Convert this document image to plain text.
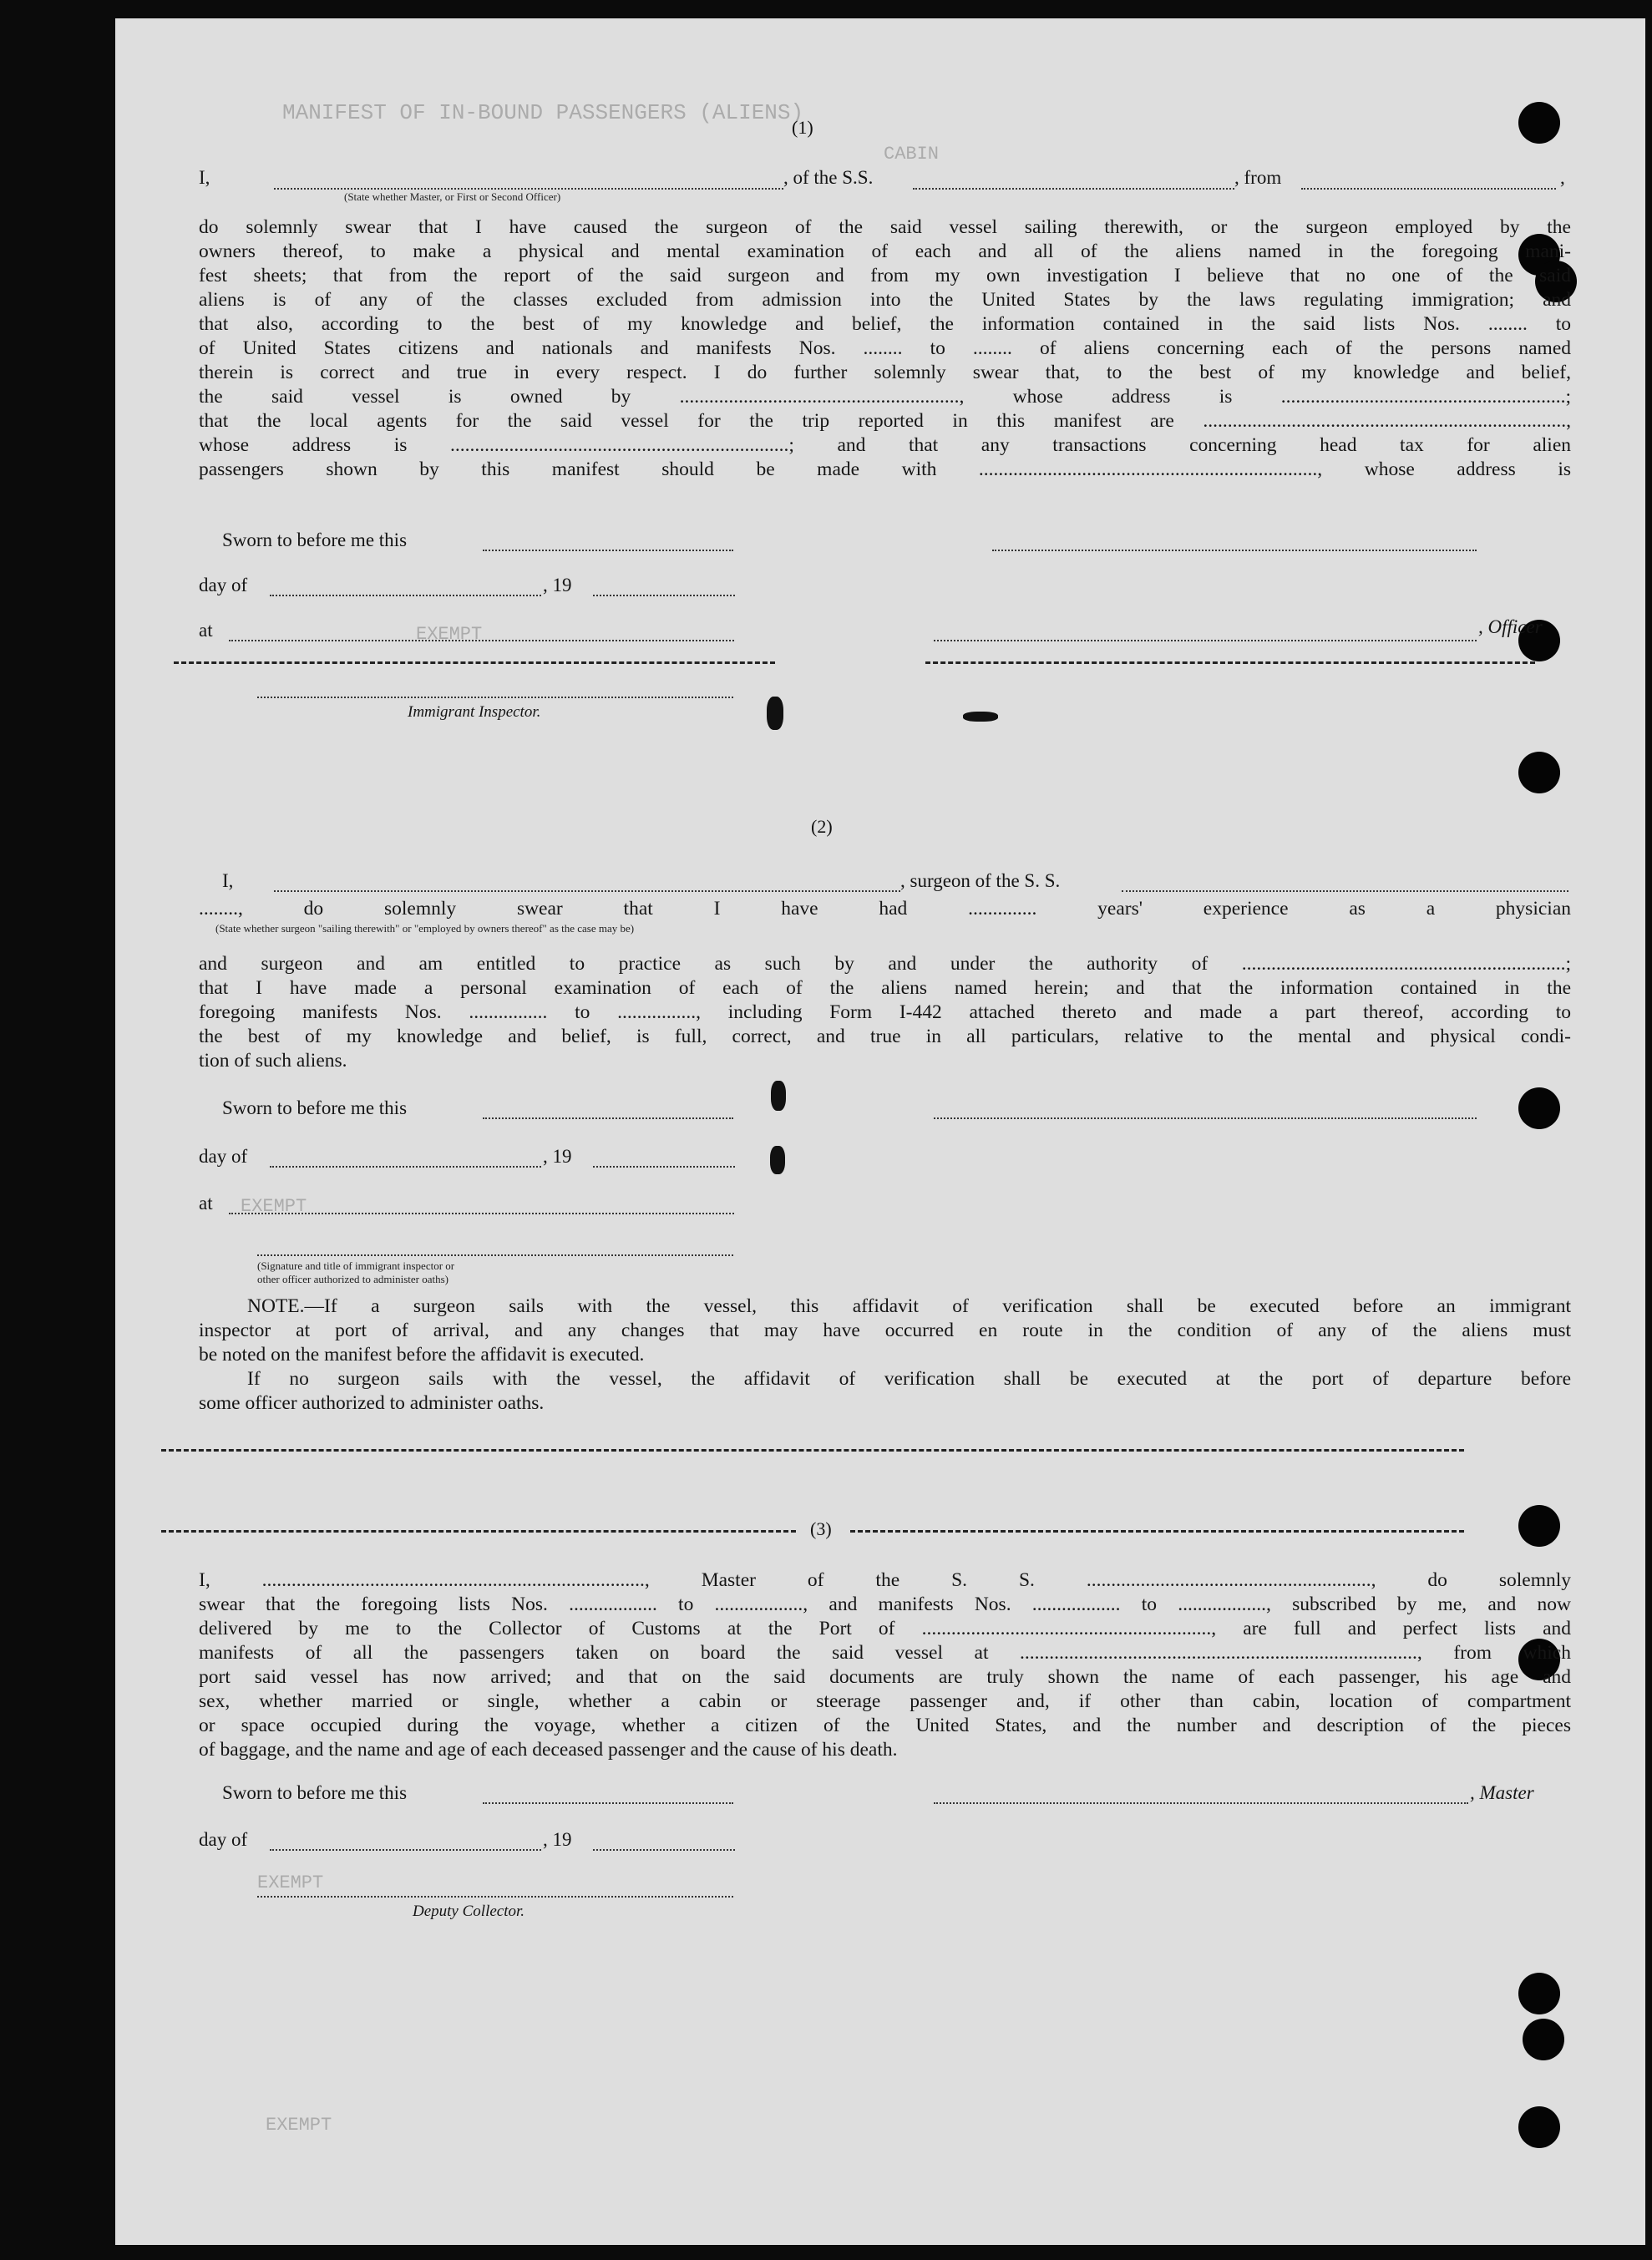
MANIFEST OF IN-BOUND PASSENGERS (ALIENS)
CABIN
EXEMPT
EXEMPT
EXEMPT
EXEMPT
(1)
I,
(State whether Master, or First or Second Officer)
, of the S.S.	, from	,
do solemnly swear that I have caused the surgeon of the said vessel sailing therewith, or the surgeon employed by the
owners thereof, to make a physical and mental examination of each and all of the aliens named in the foregoing mani-
fest sheets; that from the report of the said surgeon and from my own investigation I believe that no one of the said
aliens is of any of the classes excluded from admission into the United States by the laws regulating immigration; and
that also, according to the best of my knowledge and belief, the information contained in the said lists Nos. ........ to
of United States citizens and nationals and manifests Nos. ........ to ........ of aliens concerning each of the persons named
therein is correct and true in every respect. I do further solemnly swear that, to the best of my knowledge and belief,
the said vessel is owned by ........................................................., whose address is ..........................................................;
that the local agents for the said vessel for the trip reported in this manifest are ..........................................................................,
whose address is .....................................................................; and that any transactions concerning head tax for alien
passengers shown by this manifest should be made with ....................................................................., whose address is
Sworn to before me this
day of	, 19
at	, Officer
Immigrant Inspector.
(2)
I,	, surgeon of the S. S.
........, do solemnly swear that I have had .............. years' experience as a physician
(State whether surgeon "sailing therewith" or "employed by owners thereof" as the case may be)
and surgeon and am entitled to practice as such by and under the authority of ..................................................................;
that I have made a personal examination of each of the aliens named herein; and that the information contained in the
foregoing manifests Nos. ................ to ................, including Form I-442 attached thereto and made a part thereof, according to
the best of my knowledge and belief, is full, correct, and true in all particulars, relative to the mental and physical condi-
tion of such aliens.
Sworn to before me this
day of	, 19
at
(Signature and title of immigrant inspector or
other officer authorized to administer oaths)
NOTE.—If a surgeon sails with the vessel, this affidavit of verification shall be executed before an immigrant
inspector at port of arrival, and any changes that may have occurred en route in the condition of any of the aliens must
be noted on the manifest before the affidavit is executed.
If no surgeon sails with the vessel, the affidavit of verification shall be executed at the port of departure before
some officer authorized to administer oaths.
(3)
I, .............................................................................., Master of the S. S. .........................................................., do solemnly
swear that the foregoing lists Nos. .................. to .................., and manifests Nos. .................. to .................., subscribed by me, and now
delivered by me to the Collector of Customs at the Port of ..........................................................., are full and perfect lists and
manifests of all the passengers taken on board the said vessel at ................................................................................., from which
port said vessel has now arrived; and that on the said documents are truly shown the name of each passenger, his age and
sex, whether married or single, whether a cabin or steerage passenger and, if other than cabin, location of compartment
or space occupied during the voyage, whether a citizen of the United States, and the number and description of the pieces
of baggage, and the name and age of each deceased passenger and the cause of his death.
Sworn to before me this	, Master
day of	, 19
Deputy Collector.
